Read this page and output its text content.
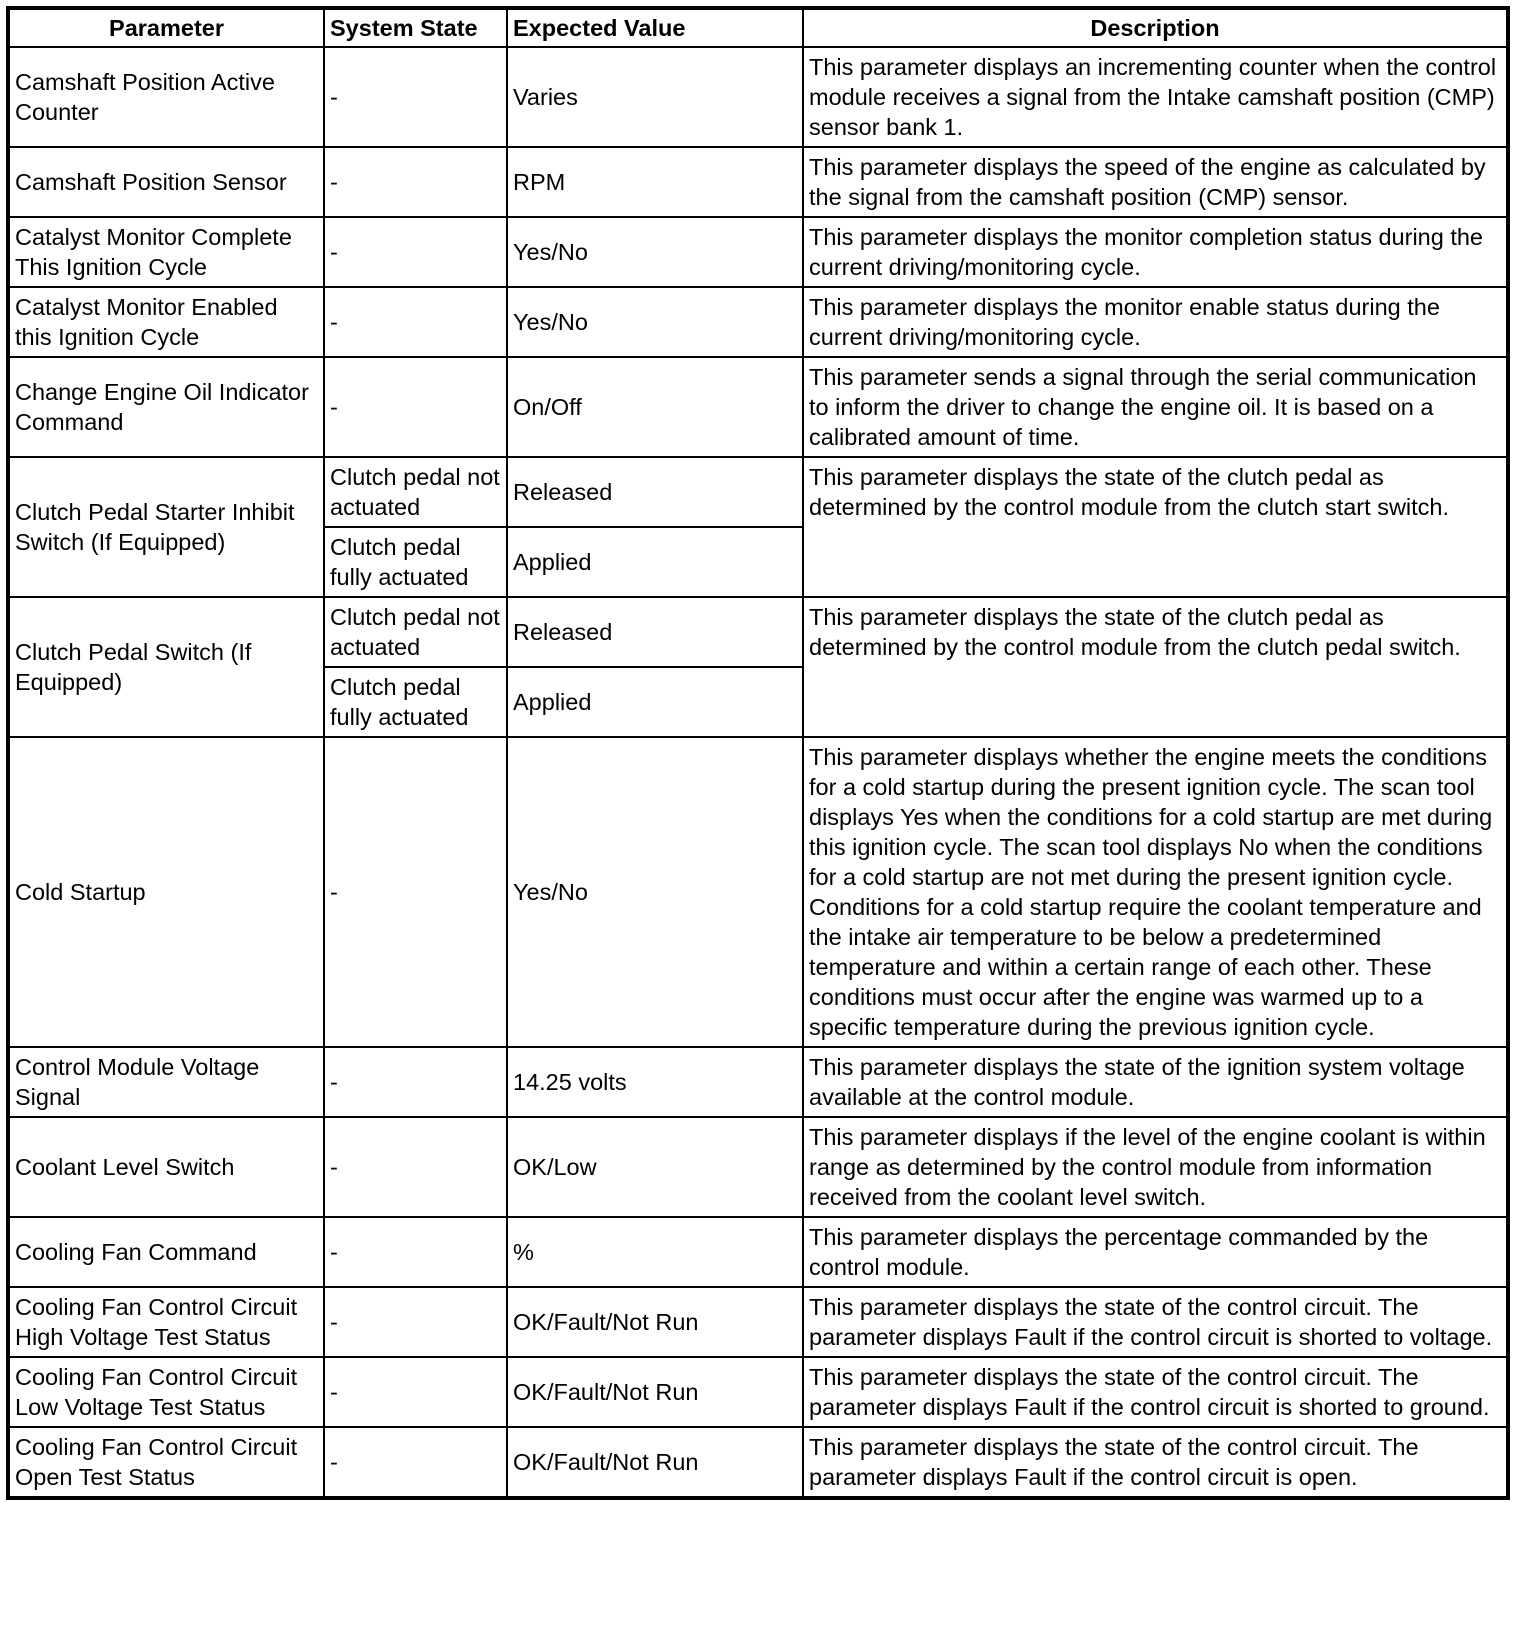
Parameter	System State	Expected Value	Description
Camshaft Position Active Counter	-	Varies	This parameter displays an incrementing counter when the control module receives a signal from the Intake camshaft position (CMP) sensor bank 1.
Camshaft Position Sensor	-	RPM	This parameter displays the speed of the engine as calculated by the signal from the camshaft position (CMP) sensor.
Catalyst Monitor Complete This Ignition Cycle	-	Yes/No	This parameter displays the monitor completion status during the current driving/monitoring cycle.
Catalyst Monitor Enabled this Ignition Cycle	-	Yes/No	This parameter displays the monitor enable status during the current driving/monitoring cycle.
Change Engine Oil Indicator Command	-	On/Off	This parameter sends a signal through the serial communication to inform the driver to change the engine oil. It is based on a calibrated amount of time.
Clutch Pedal Starter Inhibit Switch (If Equipped)	Clutch pedal not actuated	Released	This parameter displays the state of the clutch pedal as determined by the control module from the clutch start switch.
	Clutch pedal fully actuated	Applied	
Clutch Pedal Switch (If Equipped)	Clutch pedal not actuated	Released	This parameter displays the state of the clutch pedal as determined by the control module from the clutch pedal switch.
	Clutch pedal fully actuated	Applied	
Cold Startup	-	Yes/No	This parameter displays whether the engine meets the conditions for a cold startup during the present ignition cycle. The scan tool displays Yes when the conditions for a cold startup are met during this ignition cycle. The scan tool displays No when the conditions for a cold startup are not met during the present ignition cycle. Conditions for a cold startup require the coolant temperature and the intake air temperature to be below a predetermined temperature and within a certain range of each other. These conditions must occur after the engine was warmed up to a specific temperature during the previous ignition cycle.
Control Module Voltage Signal	-	14.25 volts	This parameter displays the state of the ignition system voltage available at the control module.
Coolant Level Switch	-	OK/Low	This parameter displays if the level of the engine coolant is within range as determined by the control module from information received from the coolant level switch.
Cooling Fan Command	-	%	This parameter displays the percentage commanded by the control module.
Cooling Fan Control Circuit High Voltage Test Status	-	OK/Fault/Not Run	This parameter displays the state of the control circuit. The parameter displays Fault if the control circuit is shorted to voltage.
Cooling Fan Control Circuit Low Voltage Test Status	-	OK/Fault/Not Run	This parameter displays the state of the control circuit. The parameter displays Fault if the control circuit is shorted to ground.
Cooling Fan Control Circuit Open Test Status	-	OK/Fault/Not Run	This parameter displays the state of the control circuit. The parameter displays Fault if the control circuit is open.
